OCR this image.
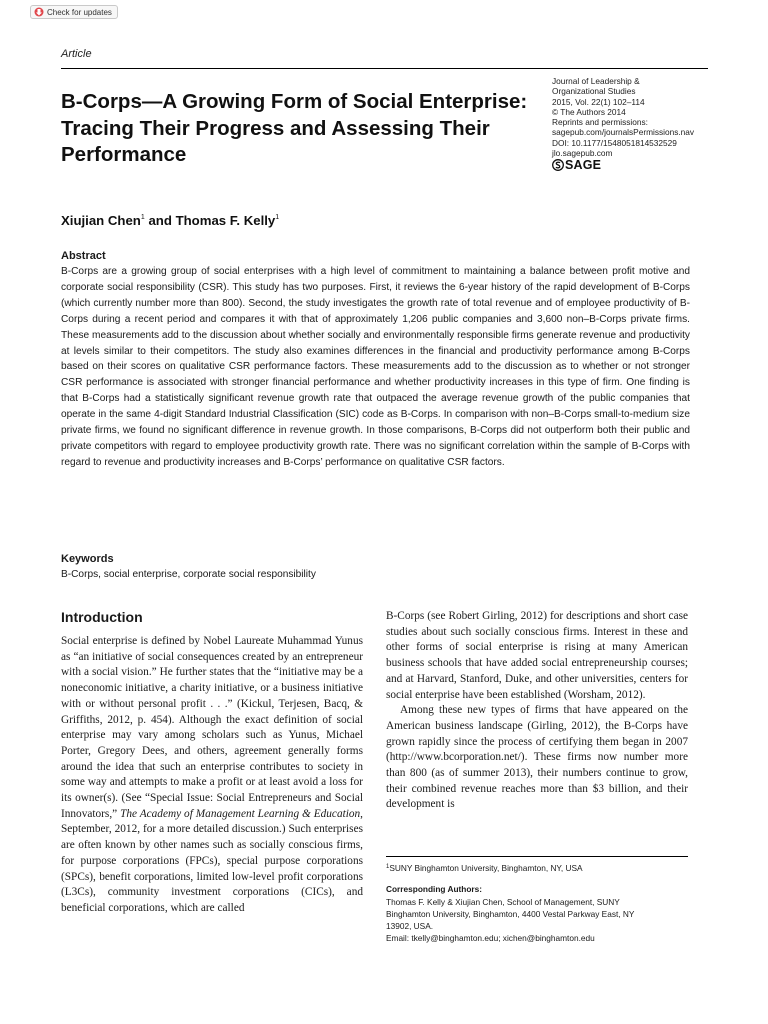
Check for updates
Article
B-Corps—A Growing Form of Social Enterprise: Tracing Their Progress and Assessing Their Performance
Journal of Leadership &
Organizational Studies
2015, Vol. 22(1) 102–114
© The Authors 2014
Reprints and permissions:
sagepub.com/journalsPermissions.nav
DOI: 10.1177/1548051814532529
jlo.sagepub.com
SAGE
Xiujian Chen$^1$ and Thomas F. Kelly$^1$
Abstract

B-Corps are a growing group of social enterprises with a high level of commitment to maintaining a balance between profit motive and corporate social responsibility (CSR). This study has two purposes. First, it reviews the 6-year history of the rapid development of B-Corps (which currently number more than 800). Second, the study investigates the growth rate of total revenue and of employee productivity of B-Corps during a recent period and compares it with that of approximately 1,206 public companies and 3,600 non–B-Corps private firms. These measurements add to the discussion about whether socially and environmentally responsible firms generate revenue and productivity at levels similar to their competitors. The study also examines differences in the financial and productivity performance among B-Corps based on their scores on qualitative CSR performance factors. These measurements add to the discussion as to whether or not stronger CSR performance is associated with stronger financial performance and whether productivity increases in this type of firm. One finding is that B-Corps had a statistically significant revenue growth rate that outpaced the average revenue growth of the public companies that operate in the same 4-digit Standard Industrial Classification (SIC) code as B-Corps. In comparison with non–B-Corps small-to-medium size private firms, we found no significant difference in revenue growth. In those comparisons, B-Corps did not outperform both their public and private competitors with regard to employee productivity growth rate. There was no significant correlation within the sample of B-Corps with regard to revenue and productivity increases and B-Corps’ performance on qualitative CSR factors.

Keywords
B-Corps, social enterprise, corporate social responsibility
Introduction

Social enterprise is defined by Nobel Laureate Muhammad Yunus as “an initiative of social consequences created by an entrepreneur with a social vision.” He further states that the “initiative may be a noneconomic initiative, a charity initiative, or a business initiative with or without personal profit . . .” (Kickul, Terjesen, Bacq, & Griffiths, 2012, p. 454). Although the exact definition of social enterprise may vary among scholars such as Yunus, Michael Porter, Gregory Dees, and others, agreement generally forms around the idea that such an enterprise contributes to society in some way and attempts to make a profit or at least avoid a loss for its owner(s). (See “Special Issue: Social Entrepreneurs and Social Innovators,” The Academy of Management Learning & Education, September, 2012, for a more detailed discussion.) Such enterprises are often known by other names such as socially conscious firms, for purpose corporations (FPCs), special purpose corporations (SPCs), benefit corporations, limited low-level profit corporations (L3Cs), community investment corporations (CICs), and beneficial corporations, which are called

B-Corps (see Robert Girling, 2012) for descriptions and short case studies about such socially conscious firms. Interest in these and other forms of social enterprise is rising at many American business schools that have added social entrepreneurship courses; and at Harvard, Stanford, Duke, and other universities, centers for social enterprise have been established (Worsham, 2012).

Among these new types of firms that have appeared on the American business landscape (Girling, 2012), the B-Corps have grown rapidly since the process of certifying them began in 2007 (http://www.bcorporation.net/). These firms now number more than 800 (as of summer 2013), their numbers continue to grow, their combined revenue reaches more than $3 billion, and their development is

$^1$SUNY Binghamton University, Binghamton, NY, USA
Corresponding Authors:
Thomas F. Kelly & Xiujian Chen, School of Management, SUNY
Binghamton University, Binghamton, 4400 Vestal Parkway East, NY
13902, USA.
Email: tkelly@binghamton.edu; xichen@binghamton.edu
